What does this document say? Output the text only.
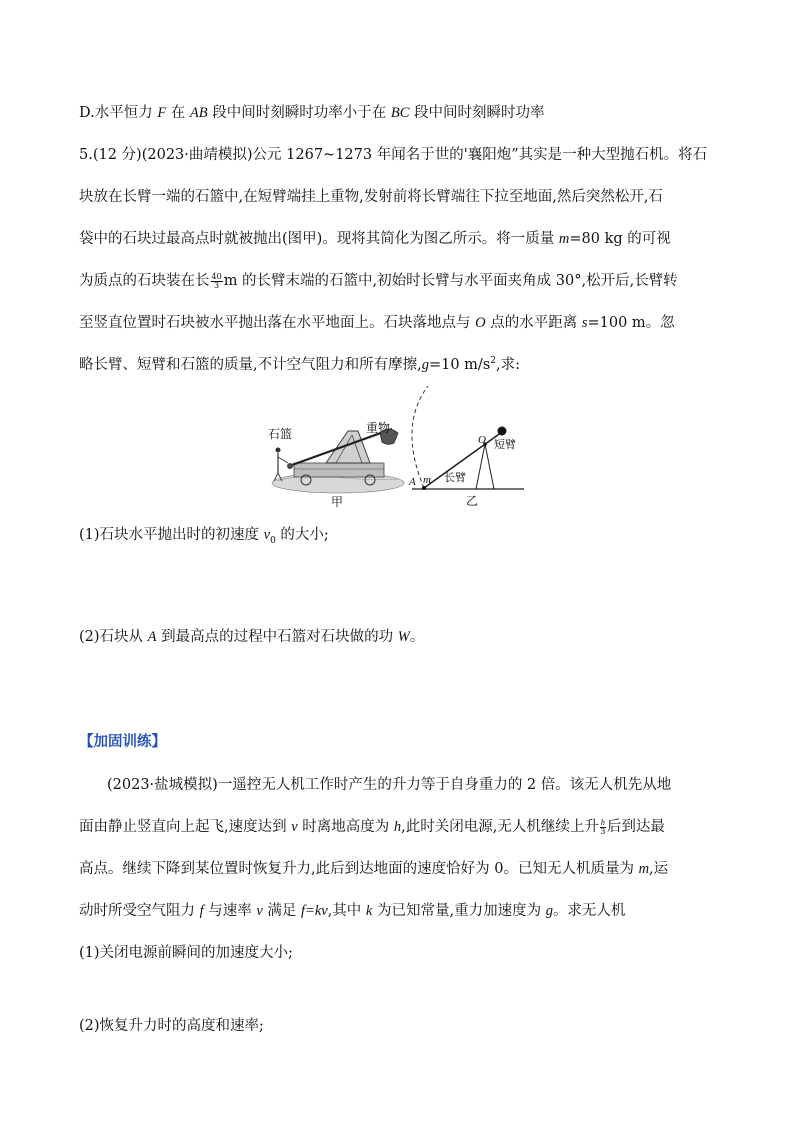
D.水平恒力 F 在 AB 段中间时刻瞬时功率小于在 BC 段中间时刻瞬时功率
5.(12 分)(2023·曲靖模拟)公元 1267~1273 年闻名于世的'襄阳炮”其实是一种大型抛石机。将石
块放在长臂一端的石篮中,在短臂端挂上重物,发射前将长臂端往下拉至地面,然后突然松开,石
袋中的石块过最高点时就被抛出(图甲)。现将其简化为图乙所示。将一质量 m=80 kg 的可视
为质点的石块装在长 $\frac{40}{3}$ m 的长臂末端的石篮中,初始时长臂与水平面夹角成 30°,松开后,长臂转
至竖直位置时石块被水平抛出落在水平地面上。石块落地点与 O 点的水平距离 s=100 m。忽
略长臂、短臂和石篮的质量,不计空气阻力和所有摩擦,g=10 $m/s^2$,求:
石篮	重物
甲
短臂
长臂
O
A m
乙
(1)石块水平抛出时的初速度 $v_0$ 的大小;
(2)石块从 A 到最高点的过程中石篮对石块做的功 W。
【加固训练】
(2023·盐城模拟)一遥控无人机工作时产生的升力等于自身重力的 2 倍。该无人机先从地
面由静止竖直向上起飞,速度达到 v 时离地高度为 h,此时关闭电源,无人机继续上升 $\frac{h}{3}$ 后到达最
高点。继续下降到某位置时恢复升力,此后到达地面的速度恰好为 0。已知无人机质量为 m,运
动时所受空气阻力 f 与速率 v 满足 f=kv,其中 k 为已知常量,重力加速度为 g。求无人机
(1)关闭电源前瞬间的加速度大小;
(2)恢复升力时的高度和速率;
